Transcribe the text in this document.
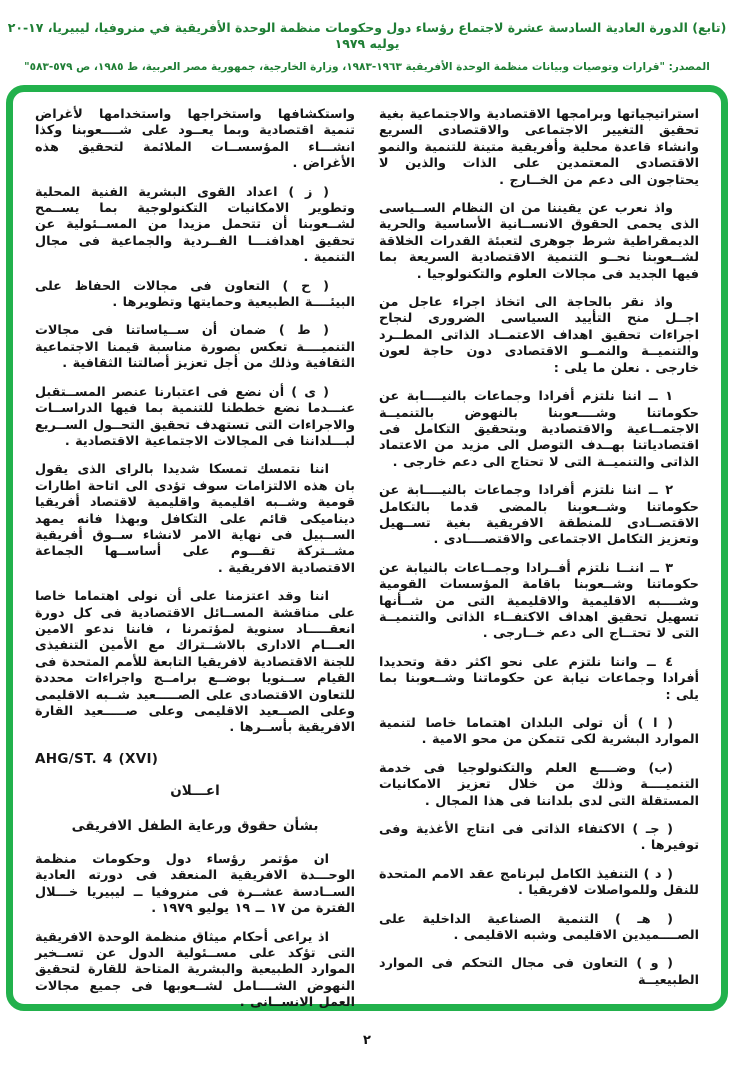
(تابع) الدورة العادية السادسة عشرة لاجتماع رؤساء دول وحكومات منظمة الوحدة الأفريقية في منروفيا، ليبيريا، ١٧-٢٠ يوليه ١٩٧٩
المصدر: "قرارات وتوصيات وبيانات منظمة الوحدة الأفريقية ١٩٦٣-١٩٨٣، وزارة الخارجية، جمهورية مصر العربية، ط ١٩٨٥، ص ٥٧٩-٥٨٣"
استراتيجياتها وبرامجها الاقتصادية والاجتماعية بغية تحقيق التغيير الاجتماعى والاقتصادى السريع وانشاء قاعدة محلية وأفريقية متينة للتنمية والنمو الاقتصادى المعتمدين على الذات والذين لا يحتاجون الى دعم من الخــارج .
واذ نعرب عن يقيننا من ان النظام الســياسى الذى يحمى الحقوق الانســانية الأساسية والحرية الديمقراطية شرط جوهرى لتعبئة القدرات الخلاقة لشــعوبنا نحــو التنمية الاقتصادية السريعة بما فيها الجديد فى مجالات العلوم والتكنولوجيا .
واذ نقر بالحاجة الى اتخاذ اجراء عاجل من اجــل منح التأييد السياسى الضرورى لنجاح اجراءات تحقيق اهداف الاعتمــاد الذاتى المطــرد والتنميــة والنمــو الاقتصادى دون حاجة لعون خارجى . نعلن ما يلى :
١ ــ اننا نلتزم أفرادا وجماعات بالنيــــابة عن حكوماتنا وشــــعوبنا بالنهوض بالتنميــة الاجتمــاعية والاقتصادية وبتحقيق التكامل فى اقتصادياتنا بهــدف التوصل الى مزيد من الاعتماد الذاتى والتنميــة التى لا تحتاج الى دعم خارجى .
٢ ــ اننا نلتزم أفرادا وجماعات بالنيــــابة عن حكوماتنا وشــعوبنا بالمضى قدما بالتكامل الاقتصــادى للمنطقة الافريقية بغية تســهيل وتعزيز التكامل الاجتماعى والاقتصــــادى .
٣ ــ اننــا نلتزم أفــرادا وجمــاعات بالنيابة عن حكوماتنا وشــعوبنا باقامة المؤسسات القومية وشــــبه الاقليمية والاقليمية التى من شــأنها تسهيل تحقيق اهداف الاكتفــاء الذاتى والتنميــة التى لا تحتــاج الى دعم خــارجى .
٤ ــ واننا نلتزم على نحو اكثر دقة وتحديدا أفرادا وجماعات نيابة عن حكوماتنا وشــعوبنا بما يلى :
( ا ) أن تولى البلدان اهتماما خاصا لتنمية الموارد البشرية لكى تتمكن من محو الامية .
(ب) وضــــع العلم والتكنولوجيا فى خدمة التنميــــة وذلك من خلال تعزيز الامكانيات المستقلة التى لدى بلداننا فى هذا المجال .
( جـ ) الاكتفاء الذاتى فى انتاج الأغذية وفى توفيرها .
( د ) التنفيذ الكامل لبرنامج عقد الامم المتحدة للنقل وللمواصلات لافريقيا .
( هـ ) التنمية الصناعية الداخلية على الصــــميدين الاقليمى وشبه الاقليمى .
( و ) التعاون فى مجال التحكم فى الموارد الطبيعيــة
واستكشافها واستخراجها واستخدامها لأغراض تنمية اقتصادية وبما يعــود على شــــعوبنا وكذا انشـــاء المؤسســات الملائمة لتحقيق هذه الأغراض .
( ز ) اعداد القوى البشرية الفنية المحلية وتطوير الامكانيات التكنولوجية بما يســمح لشــعوبنا أن تتحمل مزيدا من المســئولية عن تحقيق اهدافنـــا الفــردية والجماعية فى مجال التنمية .
( ح ) التعاون فى مجالات الحفاظ على البيئــــة الطبيعية وحمايتها وتطويرها .
( ط ) ضمان أن ســياساتنا فى مجالات التنميــــة تعكس بصورة مناسبة قيمنا الاجتماعية الثقافية وذلك من أجل تعزيز أصالتنا الثقافية .
( ى ) أن نضع فى اعتبارنا عنصر المســتقبل عنـــدما نضع خططنا للتنمية بما فيها الدراســات والاجراءات التى تستهدف تحقيق التحــول الســريع لبـــلداننا فى المجالات الاجتماعية الاقتصادية .
اننا نتمسك تمسكا شديدا بالراى الذى يقول بان هذه الالتزامات سوف تؤدى الى اتاحة اطارات قومية وشــبه اقليمية واقليمية لاقتصاد أفريقيا ديناميكى قائم على التكافل وبهذا فانه يمهد الســبيل فى نهاية الامر لانشاء ســوق أفريقية مشــتركة تقـــوم على أساســها الجماعة الاقتصادية الافريقية .
اننا وقد اعتزمنا على أن نولى اهتماما خاصا على مناقشة المســائل الاقتصادية فى كل دورة انعقـــــاد سنوية لمؤتمرنا ، فاننا ندعو الامين العـــام الادارى بالاشــتراك مع الأمين التنفيذى للجنة الاقتصادية لافريقيا التابعة للأمم المتحدة فى القيام ســنويا بوضــع برامــج واجراءات محددة للتعاون الاقتصادى على الصـــــعيد شــبه الاقليمى وعلى الصــعيد الاقليمى وعلى صـــــعيد القارة الافريقية بأســرها .
AHG/ST. 4 (XVI)
اعـــلان
بشأن حقوق ورعاية الطفل الافريقى
ان مؤتمر رؤساء دول وحكومات منظمة الوحـــدة الافريقية المنعقد فى دورته العادية الســادسة عشــرة فى منروفيا ــ ليبيريا خـــلال الفترة من ١٧ ــ ١٩ يوليو ١٩٧٩ .
اذ يراعى أحكام ميثاق منظمة الوحدة الافريقية التى تؤكد على مســئولية الدول عن تســخير الموارد الطبيعية والبشرية المتاحة للقارة لتحقيق النهوض الشــــامل لشــعوبها فى جميع مجالات العمل الانســانى .
٢
